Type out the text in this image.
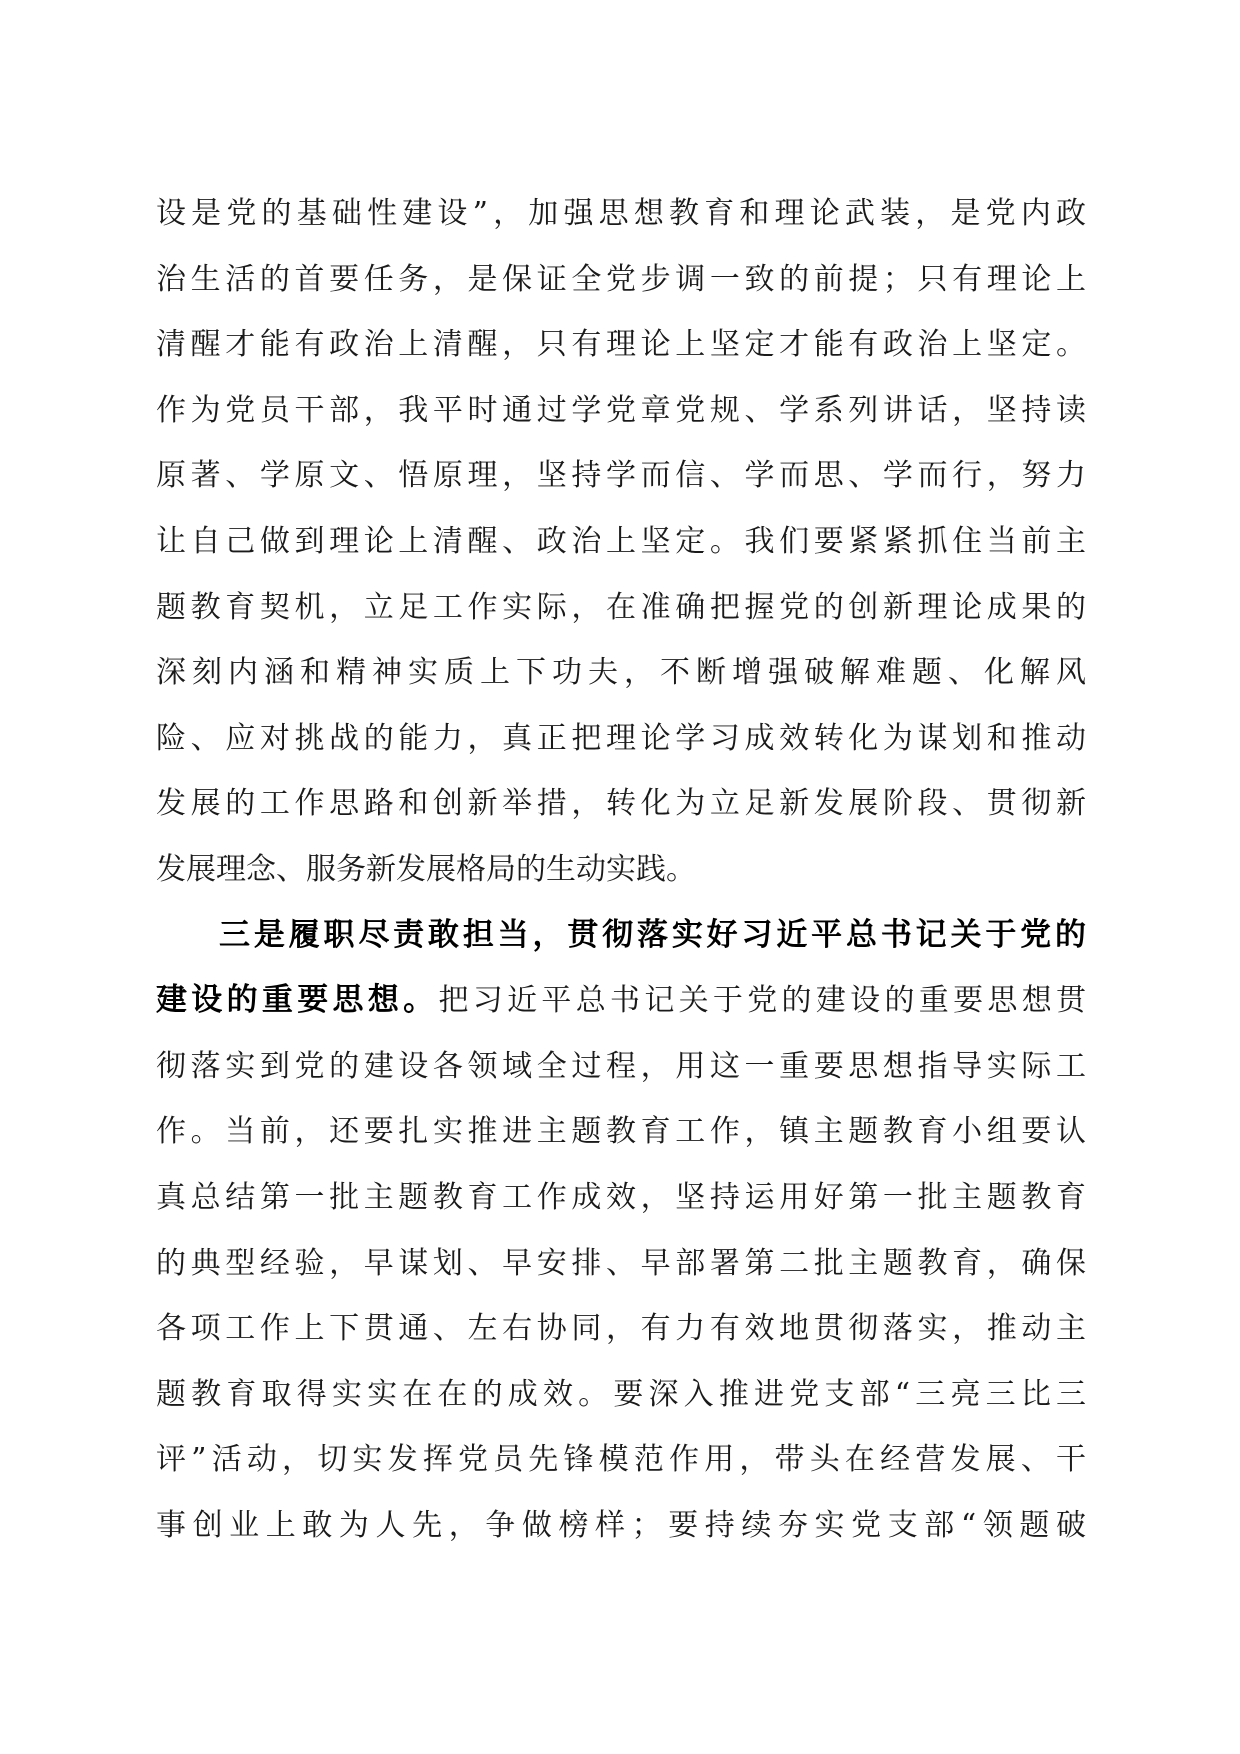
设是党的基础性建设”，加强思想教育和理论武装，是党内政
治生活的首要任务，是保证全党步调一致的前提；只有理论上
清醒才能有政治上清醒，只有理论上坚定才能有政治上坚定。
作为党员干部，我平时通过学党章党规、学系列讲话，坚持读
原著、学原文、悟原理，坚持学而信、学而思、学而行，努力
让自己做到理论上清醒、政治上坚定。我们要紧紧抓住当前主
题教育契机，立足工作实际，在准确把握党的创新理论成果的
深刻内涵和精神实质上下功夫，不断增强破解难题、化解风
险、应对挑战的能力，真正把理论学习成效转化为谋划和推动
发展的工作思路和创新举措，转化为立足新发展阶段、贯彻新
发展理念、服务新发展格局的生动实践。
三是履职尽责敢担当，贯彻落实好习近平总书记关于党的
建设的重要思想。把习近平总书记关于党的建设的重要思想贯
彻落实到党的建设各领域全过程，用这一重要思想指导实际工
作。当前，还要扎实推进主题教育工作，镇主题教育小组要认
真总结第一批主题教育工作成效，坚持运用好第一批主题教育
的典型经验，早谋划、早安排、早部署第二批主题教育，确保
各项工作上下贯通、左右协同，有力有效地贯彻落实，推动主
题教育取得实实在在的成效。要深入推进党支部“三亮三比三
评”活动，切实发挥党员先锋模范作用，带头在经营发展、干
事创业上敢为人先，争做榜样；要持续夯实党支部“领题破
